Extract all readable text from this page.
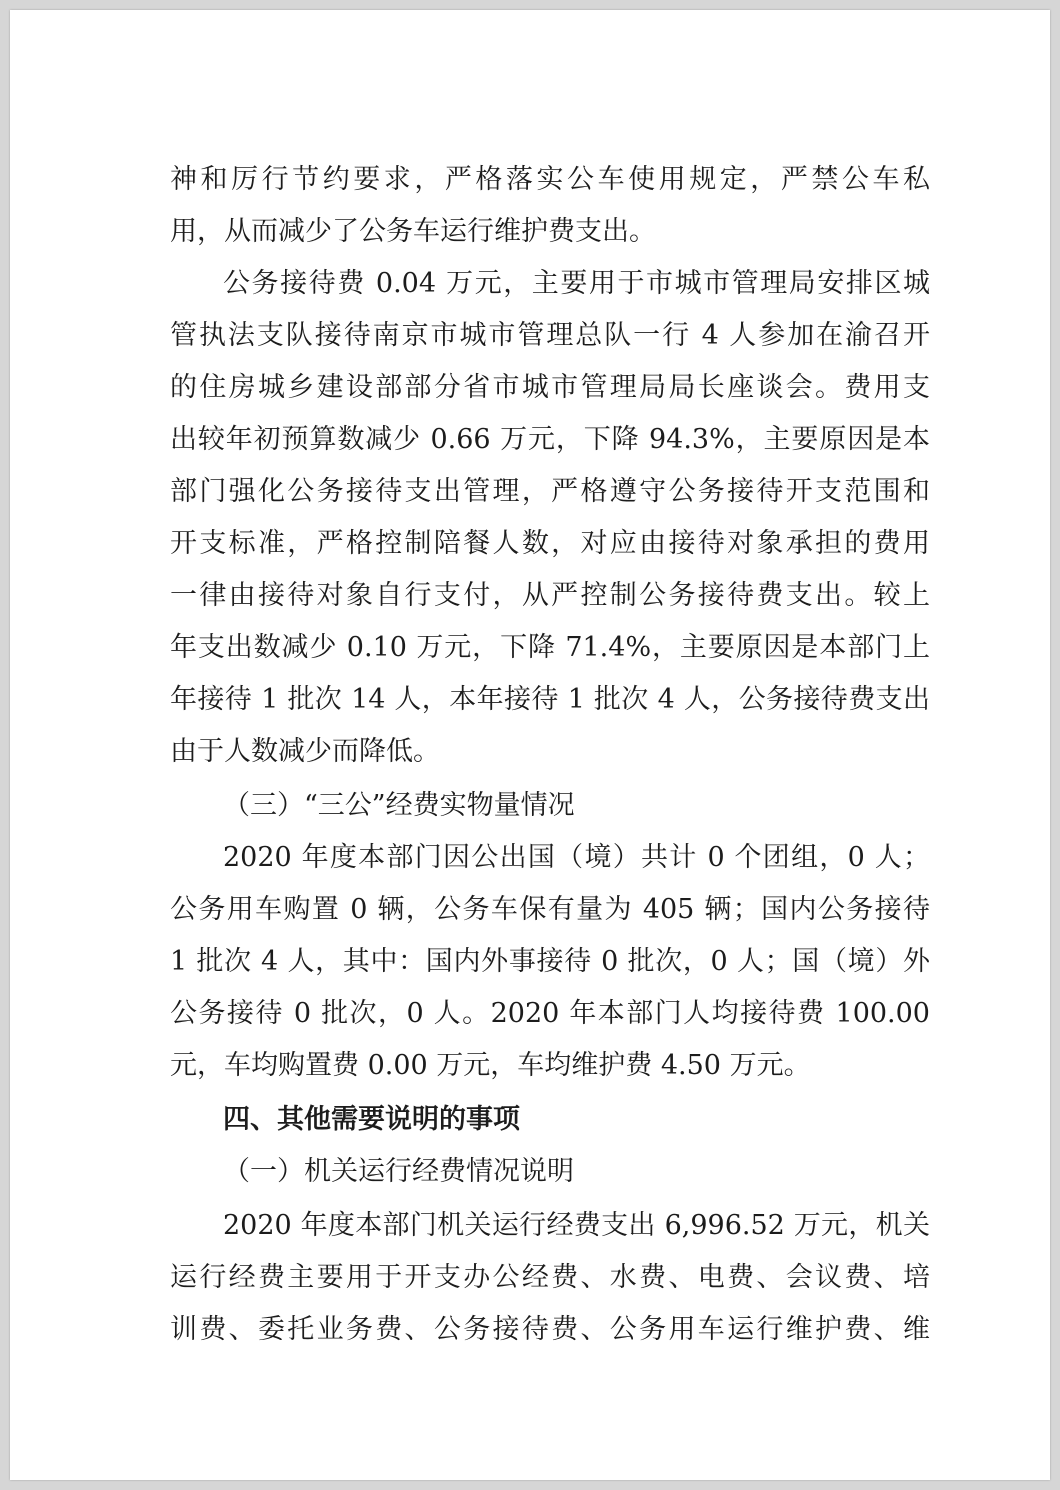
神和厉行节约要求，严格落实公车使用规定，严禁公车私
用，从而减少了公务车运行维护费支出。
公务接待费 0.04 万元，主要用于市城市管理局安排区城
管执法支队接待南京市城市管理总队一行 4 人参加在渝召开
的住房城乡建设部部分省市城市管理局局长座谈会。费用支
出较年初预算数减少 0.66 万元，下降 94.3%，主要原因是本
部门强化公务接待支出管理，严格遵守公务接待开支范围和
开支标准，严格控制陪餐人数，对应由接待对象承担的费用
一律由接待对象自行支付，从严控制公务接待费支出。较上
年支出数减少 0.10 万元，下降 71.4%，主要原因是本部门上
年接待 1 批次 14 人，本年接待 1 批次 4 人，公务接待费支出
由于人数减少而降低。
（三）“三公”经费实物量情况
2020 年度本部门因公出国（境）共计 0 个团组，0 人；
公务用车购置 0 辆，公务车保有量为 405 辆；国内公务接待
1 批次 4 人，其中：国内外事接待 0 批次，0 人；国（境）外
公务接待 0 批次，0 人。2020 年本部门人均接待费 100.00
元，车均购置费 0.00 万元，车均维护费 4.50 万元。
四、其他需要说明的事项
（一）机关运行经费情况说明
2020 年度本部门机关运行经费支出 6,996.52 万元，机关
运行经费主要用于开支办公经费、水费、电费、会议费、培
训费、委托业务费、公务接待费、公务用车运行维护费、维
